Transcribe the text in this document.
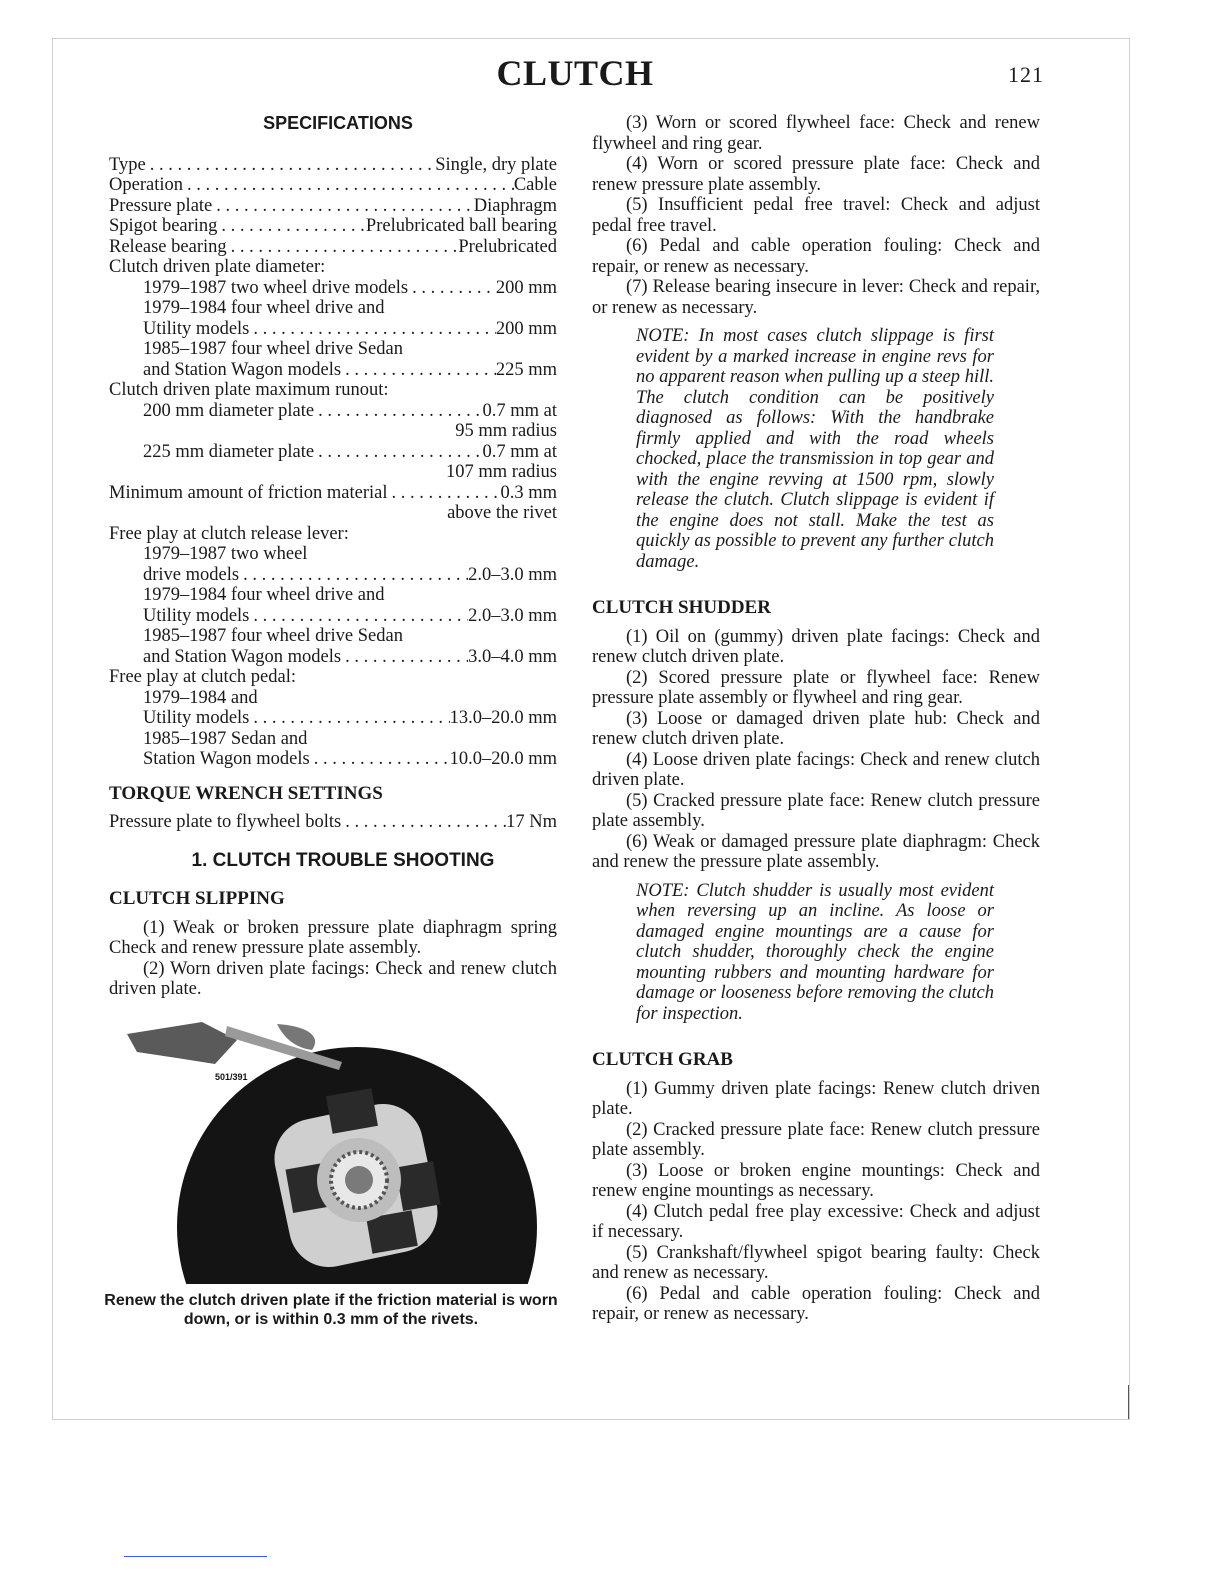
CLUTCH	121
SPECIFICATIONS
Type . . .	Single, dry plate
Operation . . .	Cable
Pressure plate . . .	Diaphragm
Spigot bearing . . .	Prelubricated ball bearing
Release bearing . . .	Prelubricated
Clutch driven plate diameter:
1979–1987 two wheel drive models . . .	200 mm
1979–1984 four wheel drive and
Utility models . . .	200 mm
1985–1987 four wheel drive Sedan
and Station Wagon models . . .	225 mm
Clutch driven plate maximum runout:
200 mm diameter plate . . .	0.7 mm at
95 mm radius
225 mm diameter plate . . .	0.7 mm at
107 mm radius
Minimum amount of friction material . . .	0.3 mm
above the rivet
Free play at clutch release lever:
1979–1987 two wheel
drive models . . .	2.0–3.0 mm
1979–1984 four wheel drive and
Utility models . . .	2.0–3.0 mm
1985–1987 four wheel drive Sedan
and Station Wagon models . . .	3.0–4.0 mm
Free play at clutch pedal:
1979–1984 and
Utility models . . .	13.0–20.0 mm
1985–1987 Sedan and
Station Wagon models . . .	10.0–20.0 mm
TORQUE WRENCH SETTINGS
Pressure plate to flywheel bolts . . .	17 Nm
1. CLUTCH TROUBLE SHOOTING
CLUTCH SLIPPING
(1) Weak or broken pressure plate diaphragm spring Check and renew pressure plate assembly.
(2) Worn driven plate facings: Check and renew clutch driven plate.
501/391
Renew the clutch driven plate if the friction material is worn down, or is within 0.3 mm of the rivets.
(3) Worn or scored flywheel face: Check and renew flywheel and ring gear.
(4) Worn or scored pressure plate face: Check and renew pressure plate assembly.
(5) Insufficient pedal free travel: Check and adjust pedal free travel.
(6) Pedal and cable operation fouling: Check and repair, or renew as necessary.
(7) Release bearing insecure in lever: Check and repair, or renew as necessary.
NOTE: In most cases clutch slippage is first evident by a marked increase in engine revs for no apparent reason when pulling up a steep hill. The clutch condition can be positively diagnosed as follows: With the handbrake firmly applied and with the road wheels chocked, place the transmission in top gear and with the engine revving at 1500 rpm, slowly release the clutch. Clutch slippage is evident if the engine does not stall. Make the test as quickly as possible to prevent any further clutch damage.
CLUTCH SHUDDER
(1) Oil on (gummy) driven plate facings: Check and renew clutch driven plate.
(2) Scored pressure plate or flywheel face: Renew pressure plate assembly or flywheel and ring gear.
(3) Loose or damaged driven plate hub: Check and renew clutch driven plate.
(4) Loose driven plate facings: Check and renew clutch driven plate.
(5) Cracked pressure plate face: Renew clutch pressure plate assembly.
(6) Weak or damaged pressure plate diaphragm: Check and renew the pressure plate assembly.
NOTE: Clutch shudder is usually most evident when reversing up an incline. As loose or damaged engine mountings are a cause for clutch shudder, thoroughly check the engine mounting rubbers and mounting hardware for damage or looseness before removing the clutch for inspection.
CLUTCH GRAB
(1) Gummy driven plate facings: Renew clutch driven plate.
(2) Cracked pressure plate face: Renew clutch pressure plate assembly.
(3) Loose or broken engine mountings: Check and renew engine mountings as necessary.
(4) Clutch pedal free play excessive: Check and adjust if necessary.
(5) Crankshaft/flywheel spigot bearing faulty: Check and renew as necessary.
(6) Pedal and cable operation fouling: Check and repair, or renew as necessary.
